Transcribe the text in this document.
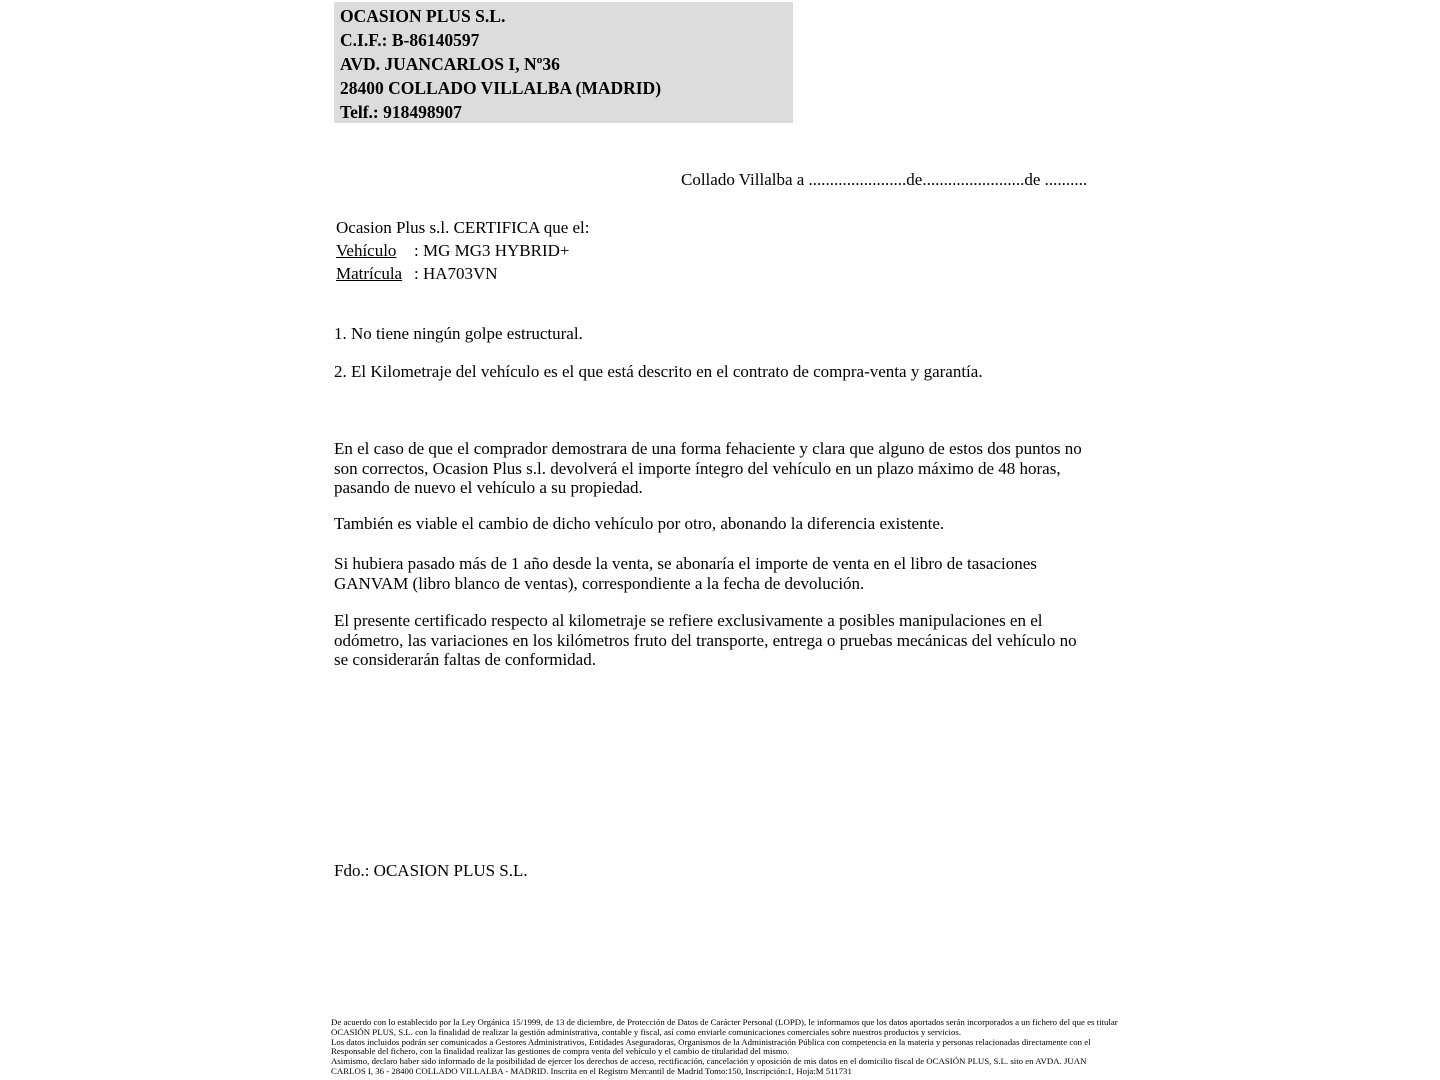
OCASION PLUS S.L.
C.I.F.: B-86140597
AVD. JUANCARLOS I, Nº36
28400 COLLADO VILLALBA (MADRID)
Telf.: 918498907
Collado Villalba a .......................de........................de ..........
Ocasion Plus s.l. CERTIFICA que el:
Vehículo : MG MG3 HYBRID+
Matrícula : HA703VN
1. No tiene ningún golpe estructural.
2. El Kilometraje del vehículo es el que está descrito en el contrato de compra-venta y garantía.
En el caso de que el comprador demostrara de una forma fehaciente y clara que alguno de estos dos puntos no
son correctos, Ocasion Plus s.l. devolverá el importe íntegro del vehículo en un plazo máximo de 48 horas,
pasando de nuevo el vehículo a su propiedad.
También es viable el cambio de dicho vehículo por otro, abonando la diferencia existente.
Si hubiera pasado más de 1 año desde la venta, se abonaría el importe de venta en el libro de tasaciones
GANVAM (libro blanco de ventas), correspondiente a la fecha de devolución.
El presente certificado respecto al kilometraje se refiere exclusivamente a posibles manipulaciones en el
odómetro, las variaciones en los kilómetros fruto del transporte, entrega o pruebas mecánicas del vehículo no
se considerarán faltas de conformidad.
Fdo.: OCASION PLUS S.L.

De acuerdo con lo establecido por la Ley Orgánica 15/1999, de 13 de diciembre, de Protección de Datos de Carácter Personal (LOPD), le informamos que los datos aportados serán incorporados a un fichero del que es titular
OCASIÓN PLUS, S.L. con la finalidad de realizar la gestión administrativa, contable y fiscal, así como enviarle comunicaciones comerciales sobre nuestros productos y servicios.

Los datos incluidos podrán ser comunicados a Gestores Administrativos, Entidades Aseguradoras, Organismos de la Administración Pública con competencia en la materia y personas relacionadas directamente con el
Responsable del fichero, con la finalidad realizar las gestiones de compra venta del vehículo y el cambio de titularidad del mismo.

Asimismo, declaro haber sido informado de la posibilidad de ejercer los derechos de acceso, rectificación, cancelación y oposición de mis datos en el domicilio fiscal de OCASIÓN PLUS, S.L. sito en AVDA. JUAN
CARLOS I, 36 - 28400 COLLADO VILLALBA - MADRID. Inscrita en el Registro Mercantil de Madrid Tomo:150, Inscripción:1, Hoja:M 511731
